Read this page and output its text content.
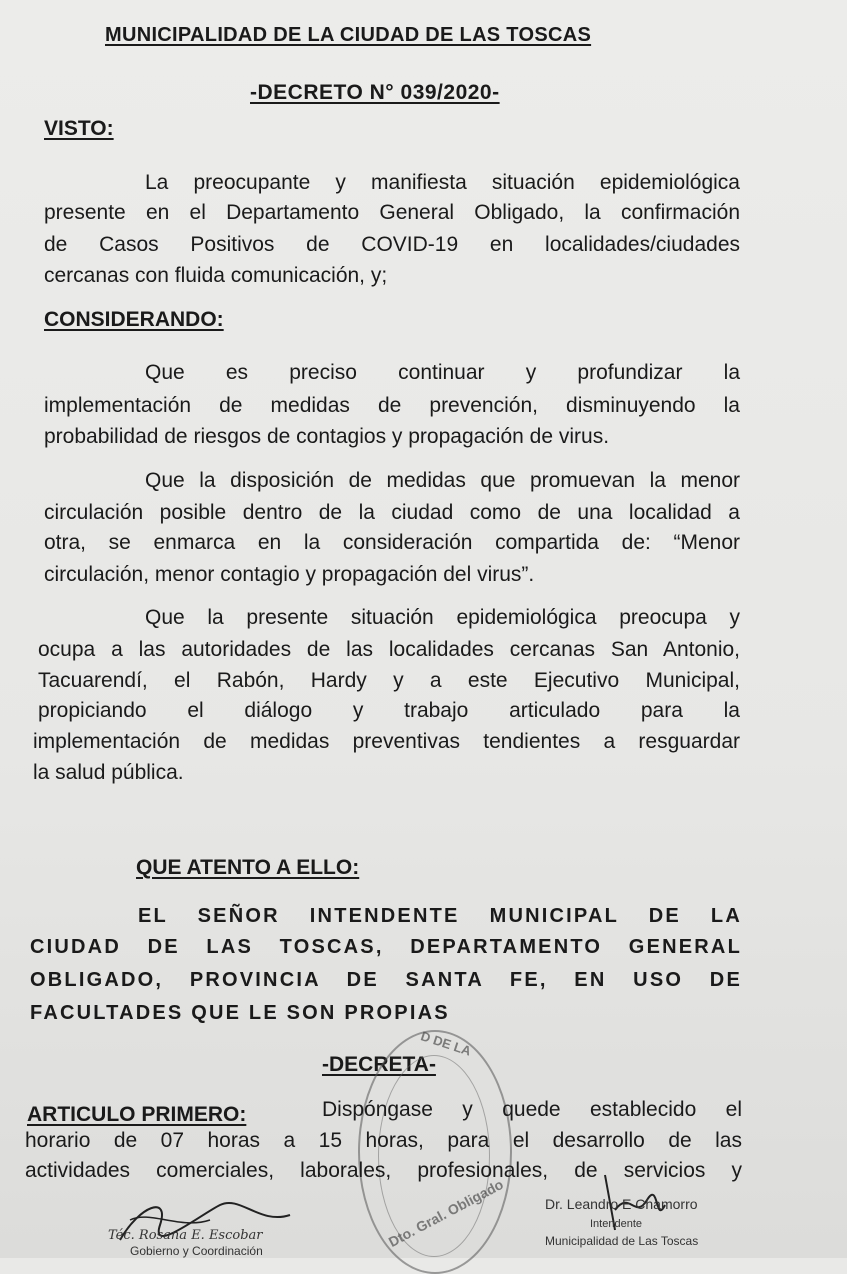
MUNICIPALIDAD DE LA CIUDAD DE LAS TOSCAS
-DECRETO N° 039/2020-
VISTO:
La preocupante y manifiesta situación epidemiológica
presente en el Departamento General Obligado, la confirmación
de Casos Positivos de COVID-19 en localidades/ciudades
cercanas con fluida comunicación, y;
CONSIDERANDO:
Que es preciso continuar y profundizar la
implementación de medidas de prevención, disminuyendo la
probabilidad de riesgos de contagios y propagación de virus.
Que la disposición de medidas que promuevan la menor
circulación posible dentro de la ciudad como de una localidad a
otra, se enmarca en la consideración compartida de: “Menor
circulación, menor contagio y propagación del virus”.
Que la presente situación epidemiológica preocupa y
ocupa a las autoridades de las localidades cercanas San Antonio,
Tacuarendí, el Rabón, Hardy y a este Ejecutivo Municipal,
propiciando el diálogo y trabajo articulado para la
implementación de medidas preventivas tendientes a resguardar
la salud pública.
QUE ATENTO A ELLO:
EL SEÑOR INTENDENTE MUNICIPAL DE LA
CIUDAD DE LAS TOSCAS, DEPARTAMENTO GENERAL
OBLIGADO, PROVINCIA DE SANTA FE, EN USO DE
FACULTADES QUE LE SON PROPIAS
-DECRETA-
D DE LA
Dto. Gral. Obligado
ARTICULO PRIMERO:	Dispóngase y quede establecido el
horario de 07 horas a 15 horas, para el desarrollo de las
actividades comerciales, laborales, profesionales, de servicios y
Téc. Rosana E. Escobar
Gobierno y Coordinación
Dr. Leandro E Chamorro
Intendente
Municipalidad de Las Toscas
